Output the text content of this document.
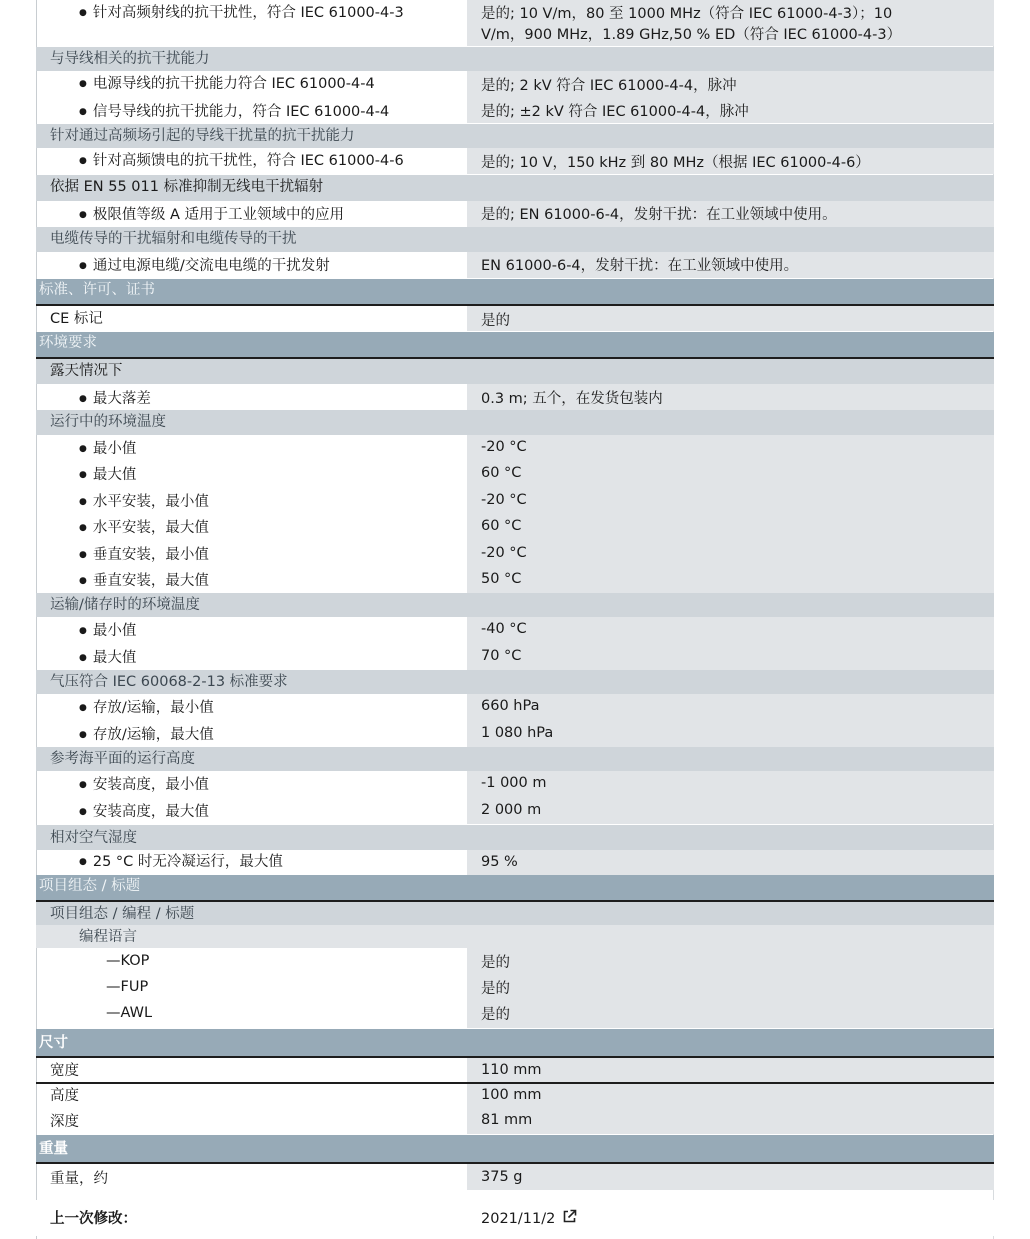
● 针对高频射线的抗干扰性，符合 IEC 61000-4-3	是的; 10 V/m，80 至 1000 MHz（符合 IEC 61000-4-3）；10 V/m，900 MHz，1.89 GHz,50 % ED（符合 IEC 61000-4-3）
与导线相关的抗干扰能力
● 电源导线的抗干扰能力符合 IEC 61000-4-4	是的; 2 kV 符合 IEC 61000-4-4，脉冲
● 信号导线的抗干扰能力，符合 IEC 61000-4-4	是的; ±2 kV 符合 IEC 61000-4-4，脉冲
针对通过高频场引起的导线干扰量的抗干扰能力
● 针对高频馈电的抗干扰性，符合 IEC 61000-4-6	是的; 10 V，150 kHz 到 80 MHz（根据 IEC 61000-4-6）
依据 EN 55 011 标准抑制无线电干扰辐射
● 极限值等级 A 适用于工业领域中的应用	是的; EN 61000-6-4，发射干扰：在工业领域中使用。
电缆传导的干扰辐射和电缆传导的干扰
● 通过电源电缆/交流电电缆的干扰发射	EN 61000-6-4，发射干扰：在工业领域中使用。
标准、许可、证书
CE 标记	是的
环境要求
露天情况下
● 最大落差	0.3 m; 五个，在发货包装内
运行中的环境温度
● 最小值	-20 °C
● 最大值	60 °C
● 水平安装，最小值	-20 °C
● 水平安装，最大值	60 °C
● 垂直安装，最小值	-20 °C
● 垂直安装，最大值	50 °C
运输/储存时的环境温度
● 最小值	-40 °C
● 最大值	70 °C
气压符合 IEC 60068-2-13 标准要求
● 存放/运输，最小值	660 hPa
● 存放/运输，最大值	1 080 hPa
参考海平面的运行高度
● 安装高度，最小值	-1 000 m
● 安装高度，最大值	2 000 m
相对空气湿度
● 25 °C 时无冷凝运行，最大值	95 %
项目组态 / 标题
项目组态 / 编程 / 标题
编程语言
— KOP	是的
— FUP	是的
— AWL	是的
尺寸
宽度	110 mm
高度	100 mm
深度	81 mm
重量
重量，约	375 g
上一次修改：	2021/11/2
